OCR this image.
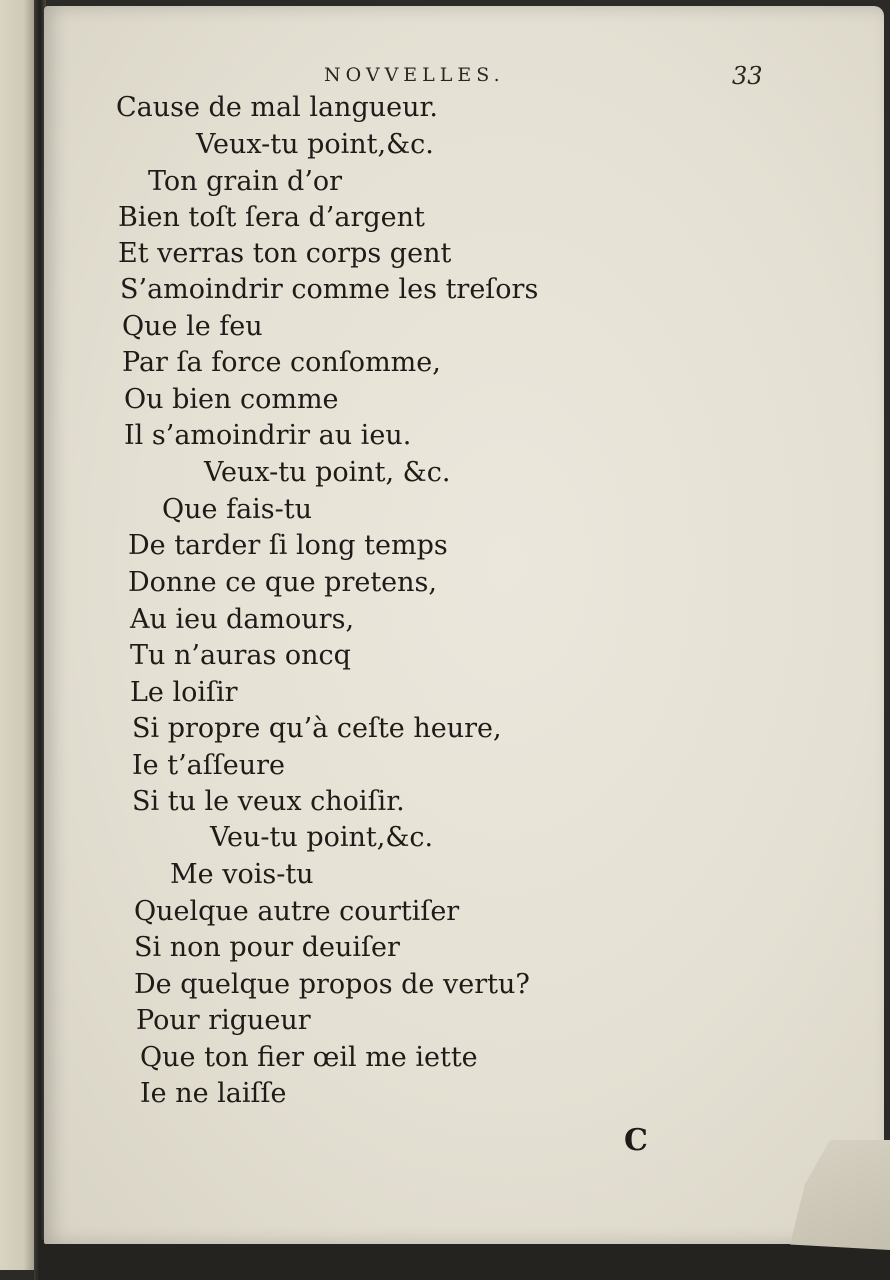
NOVVELLES.	33
Cause de mal langueur.
Veux-tu point,&c.
Ton grain d’or
Bien toſt ſera d’argent
Et verras ton corps gent
S’amoindrir comme les treſors
Que le feu
Par ſa force conſomme,
Ou bien comme
Il s’amoindrir au ieu.
Veux-tu point, &c.
Que fais-tu
De tarder ſi long temps
Donne ce que pretens,
Au ieu damours,
Tu n’auras oncq
Le loiſir
Si propre qu’à ceſte heure,
Ie t’aſſeure
Si tu le veux choiſir.
Veu-tu point,&c.
Me vois-tu
Quelque autre courtiſer
Si non pour deuiſer
De quelque propos de vertu?
Pour rigueur
Que ton fier œil me iette
Ie ne laiſſe
C
